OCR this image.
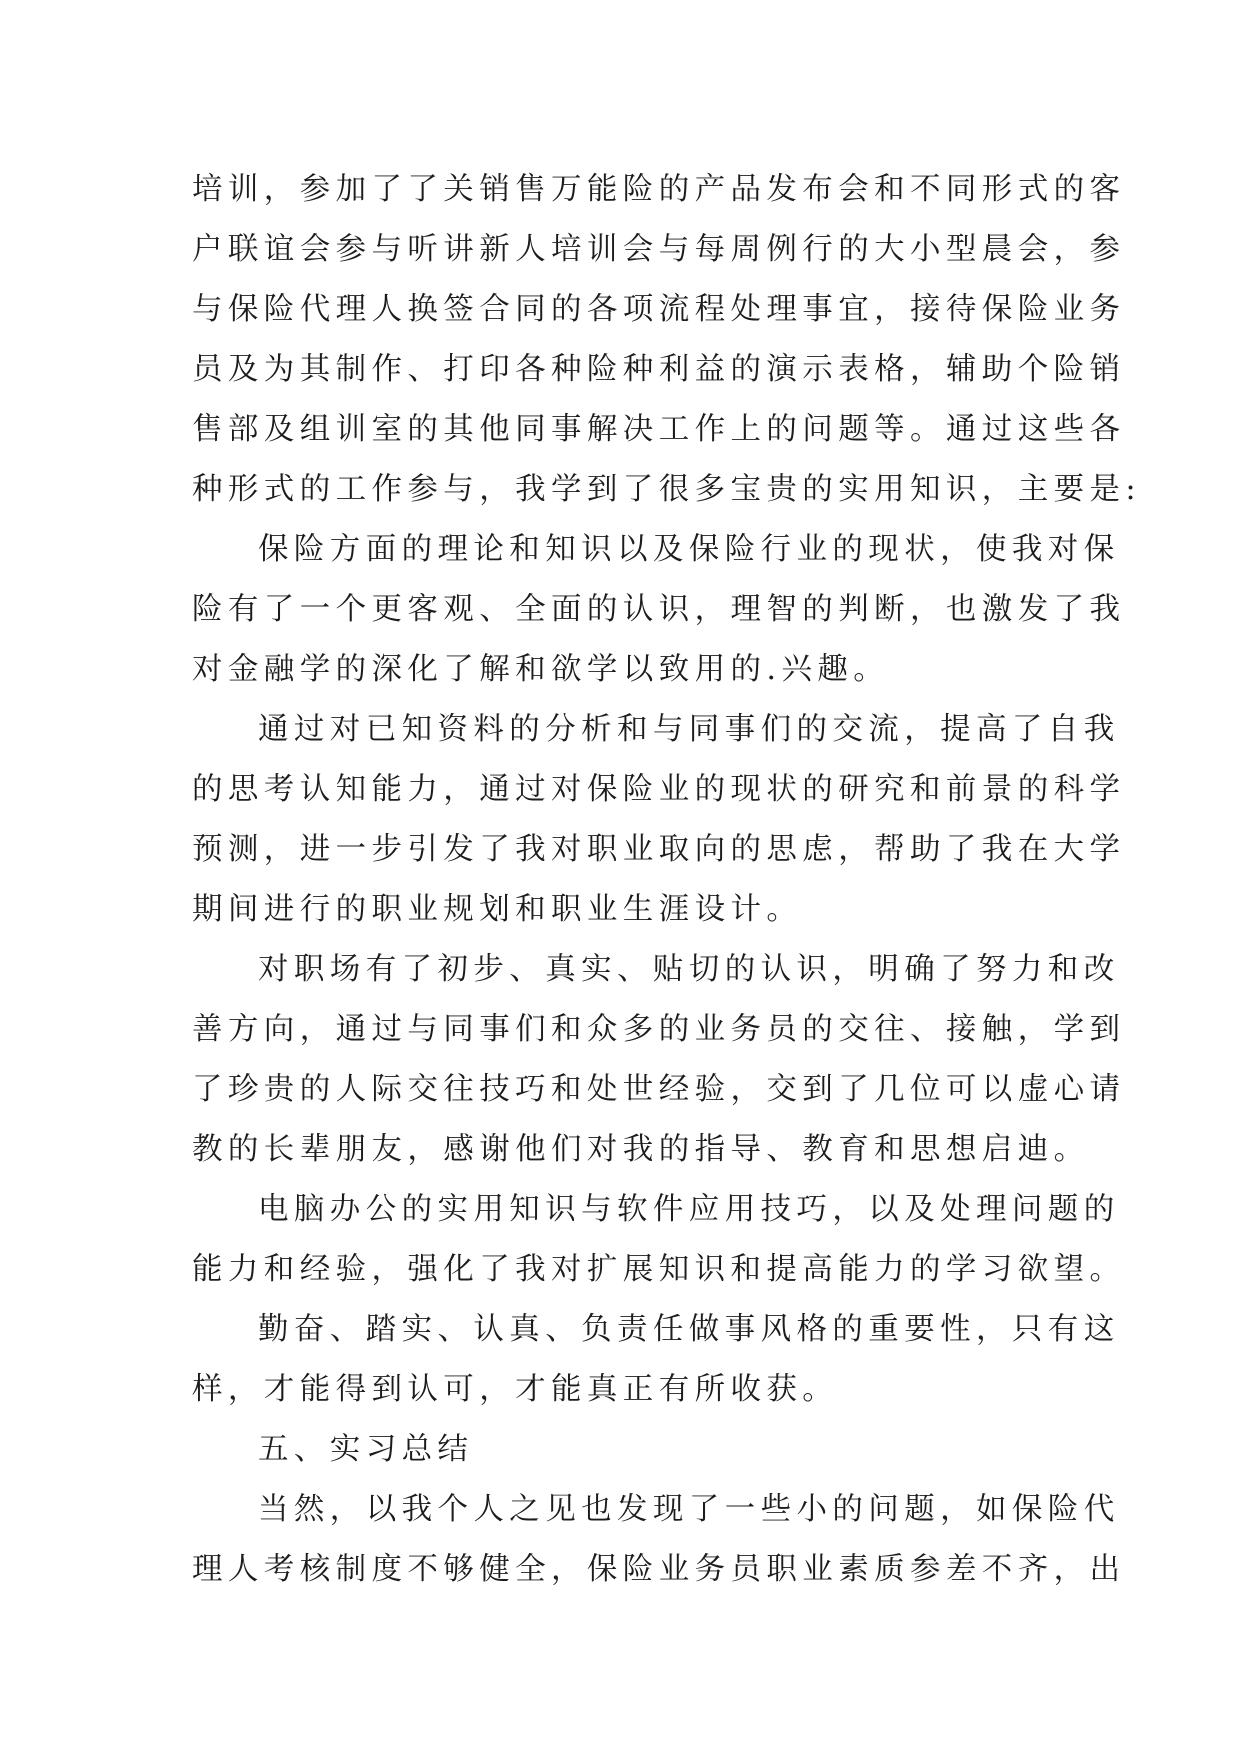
培训，参加了了关销售万能险的产品发布会和不同形式的客
户联谊会参与听讲新人培训会与每周例行的大小型晨会，参
与保险代理人换签合同的各项流程处理事宜，接待保险业务
员及为其制作、打印各种险种利益的演示表格，辅助个险销
售部及组训室的其他同事解决工作上的问题等。通过这些各
种形式的工作参与，我学到了很多宝贵的实用知识，主要是:
保险方面的理论和知识以及保险行业的现状，使我对保
险有了一个更客观、全面的认识，理智的判断，也激发了我
对金融学的深化了解和欲学以致用的.兴趣。
通过对已知资料的分析和与同事们的交流，提高了自我
的思考认知能力，通过对保险业的现状的研究和前景的科学
预测，进一步引发了我对职业取向的思虑，帮助了我在大学
期间进行的职业规划和职业生涯设计。
对职场有了初步、真实、贴切的认识，明确了努力和改
善方向，通过与同事们和众多的业务员的交往、接触，学到
了珍贵的人际交往技巧和处世经验，交到了几位可以虚心请
教的长辈朋友，感谢他们对我的指导、教育和思想启迪。
电脑办公的实用知识与软件应用技巧，以及处理问题的
能力和经验，强化了我对扩展知识和提高能力的学习欲望。
勤奋、踏实、认真、负责任做事风格的重要性，只有这
样，才能得到认可，才能真正有所收获。
五、实习总结
当然，以我个人之见也发现了一些小的问题，如保险代
理人考核制度不够健全，保险业务员职业素质参差不齐，出
